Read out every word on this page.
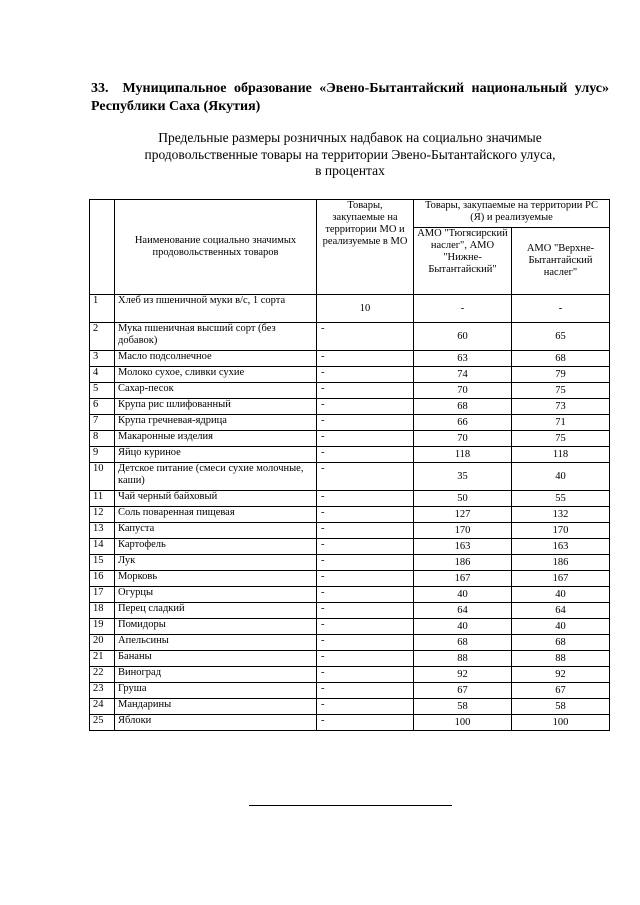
33. Муниципальное образование «Эвено-Бытантайский национальный улус» Республики Саха (Якутия)
Предельные размеры розничных надбавок на социально значимые
продовольственные товары на территории Эвено-Бытантайского улуса,
в процентах
	Наименование социально значимых продовольственных товаров	Товары, закупаемые на территории МО и реализуемые в МО	Товары, закупаемые на территории РС (Я) и реализуемые	
			АМО "Тюгясирский наслег", АМО "Нижне-Бытантайский"	АМО "Верхне-Бытантайский наслег"
1	Хлеб из пшеничной муки в/с, 1 сорта	10	-	-
2	Мука пшеничная высший сорт (без добавок)	-	60	65
3	Масло подсолнечное	-	63	68
4	Молоко сухое, сливки сухие	-	74	79
5	Сахар-песок	-	70	75
6	Крупа рис шлифованный	-	68	73
7	Крупа гречневая-ядрица	-	66	71
8	Макаронные изделия	-	70	75
9	Яйцо куриное	-	118	118
10	Детское питание (смеси сухие молочные, каши)	-	35	40
11	Чай черный байховый	-	50	55
12	Соль поваренная пищевая	-	127	132
13	Капуста	-	170	170
14	Картофель	-	163	163
15	Лук	-	186	186
16	Морковь	-	167	167
17	Огурцы	-	40	40
18	Перец сладкий	-	64	64
19	Помидоры	-	40	40
20	Апельсины	-	68	68
21	Бананы	-	88	88
22	Виноград	-	92	92
23	Груша	-	67	67
24	Мандарины	-	58	58
25	Яблоки	-	100	100
